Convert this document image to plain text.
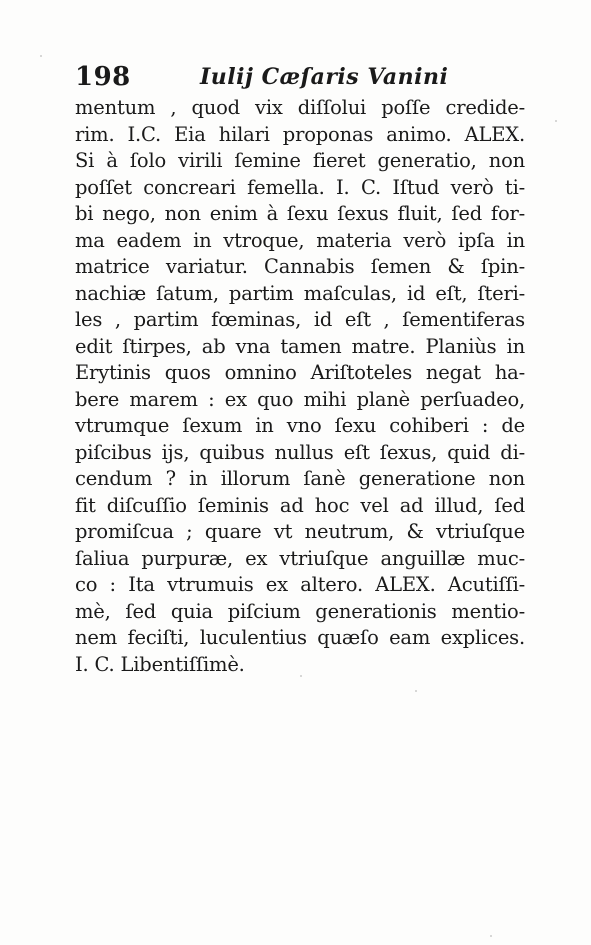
198	Iulij Cæſaris Vanini
mentum , quod vix diſſolui poſſe credide-
rim. I.C. Eia hilari proponas animo. ALEX.
Si à ſolo virili ſemine fieret generatio, non
poſſet concreari femella. I. C. Iſtud verò ti-
bi nego, non enim à ſexu ſexus fluit, ſed for-
ma eadem in vtroque, materia verò ipſa in
matrice variatur. Cannabis ſemen & ſpin-
nachiæ ſatum, partim maſculas, id eſt, ſteri-
les , partim fœminas, id eſt , ſementiferas
edit ſtirpes, ab vna tamen matre. Planiùs in
Erytinis quos omnino Ariſtoteles negat ha-
bere marem : ex quo mihi planè perſuadeo,
vtrumque ſexum in vno ſexu cohiberi : de
piſcibus ijs, quibus nullus eſt ſexus, quid di-
cendum ? in illorum ſanè generatione non
fit diſcuſſio ſeminis ad hoc vel ad illud, ſed
promiſcua ; quare vt neutrum, & vtriuſque
ſaliua purpuræ, ex vtriuſque anguillæ muc-
co : Ita vtrumuis ex altero. ALEX. Acutiſſi-
mè, ſed quia piſcium generationis mentio-
nem feciſti, luculentius quæſo eam explices.
I. C. Libentiſſimè.
